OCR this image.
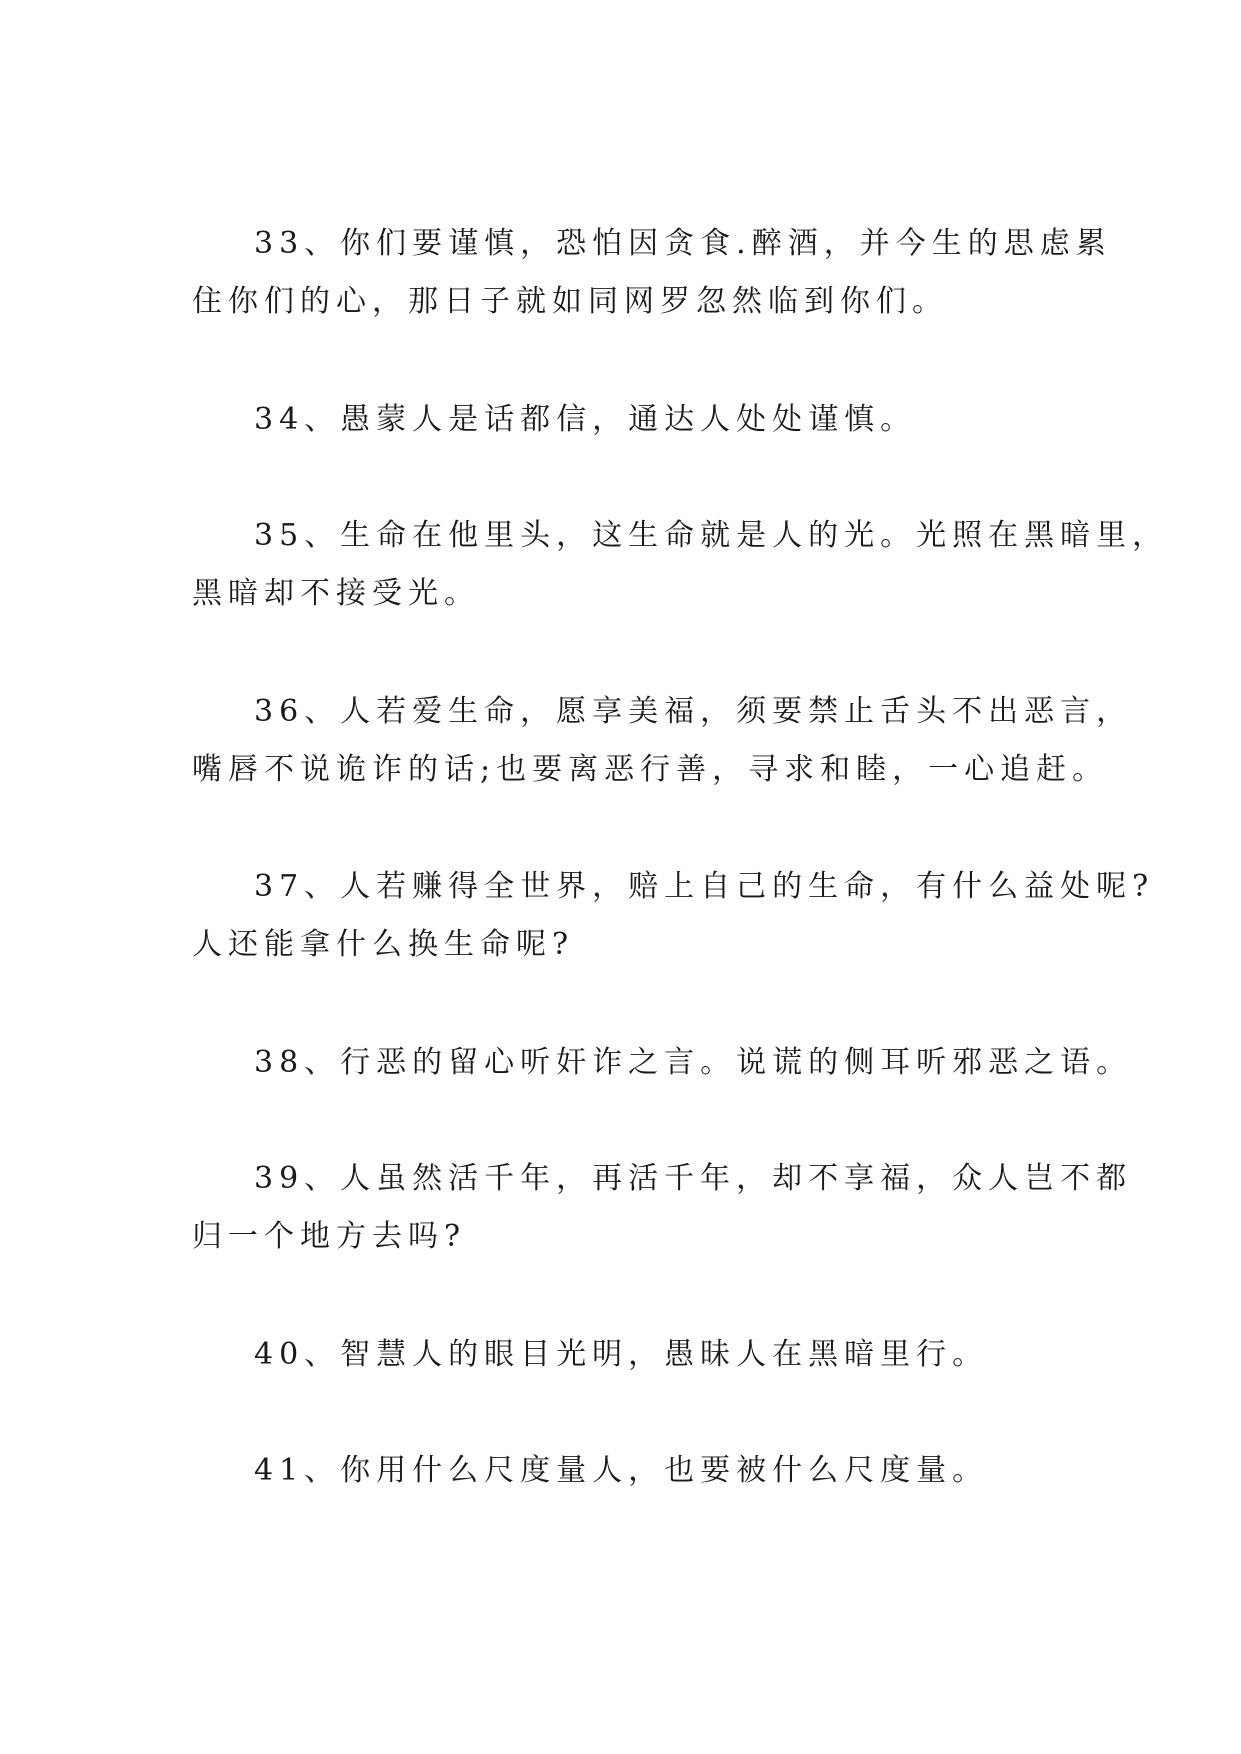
33、你们要谨慎，恐怕因贪食.醉酒，并今生的思虑累
住你们的心，那日子就如同网罗忽然临到你们。

34、愚蒙人是话都信，通达人处处谨慎。

35、生命在他里头，这生命就是人的光。光照在黑暗里，
黑暗却不接受光。

36、人若爱生命，愿享美福，须要禁止舌头不出恶言，
嘴唇不说诡诈的话;也要离恶行善，寻求和睦，一心追赶。

37、人若赚得全世界，赔上自己的生命，有什么益处呢?
人还能拿什么换生命呢?

38、行恶的留心听奸诈之言。说谎的侧耳听邪恶之语。

39、人虽然活千年，再活千年，却不享福，众人岂不都
归一个地方去吗?

40、智慧人的眼目光明，愚昧人在黑暗里行。

41、你用什么尺度量人，也要被什么尺度量。
